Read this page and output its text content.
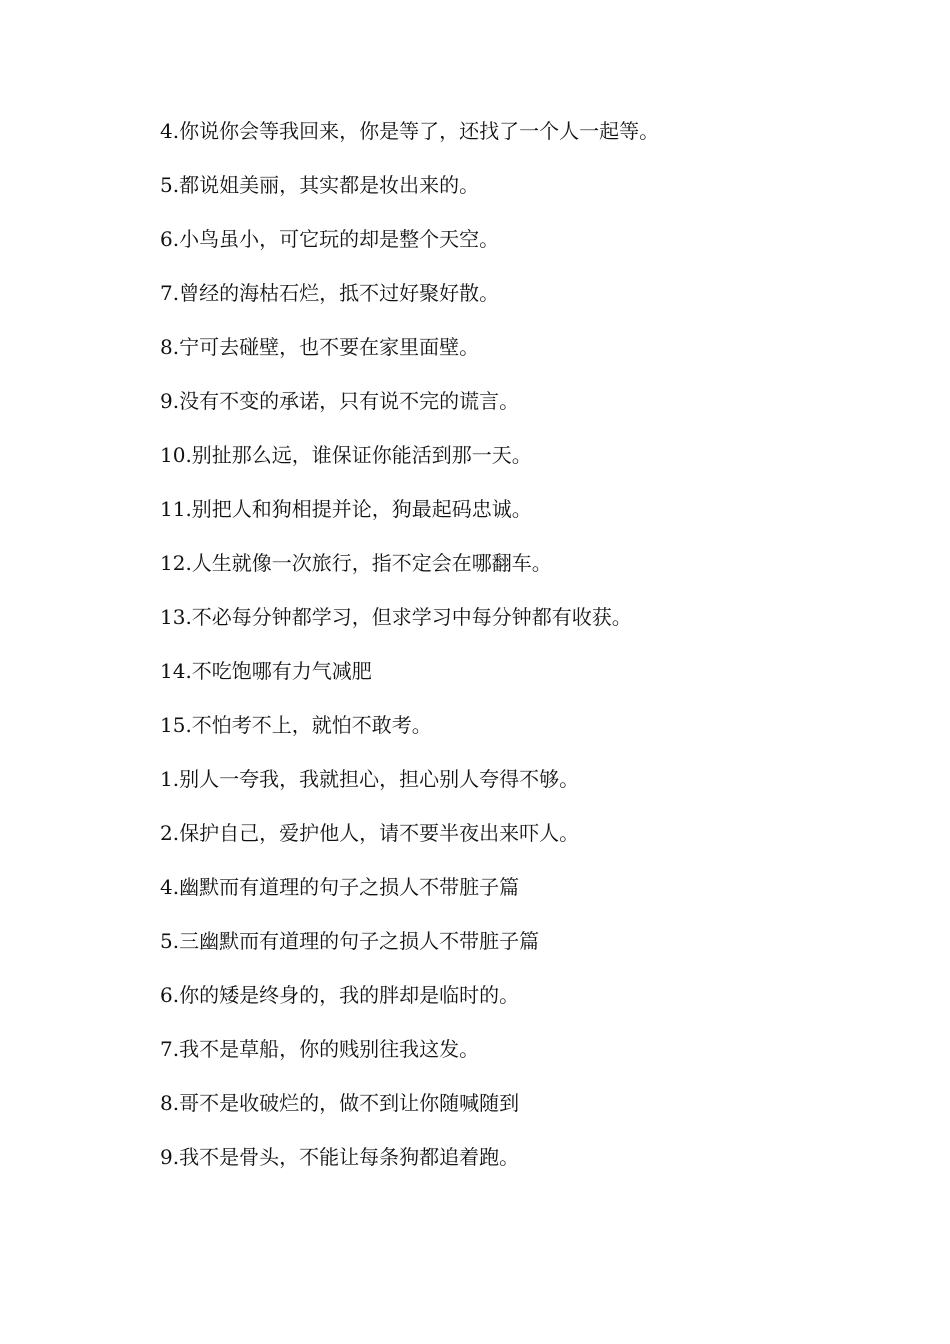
4.你说你会等我回来，你是等了，还找了一个人一起等。

5.都说姐美丽，其实都是妆出来的。

6.小鸟虽小，可它玩的却是整个天空。

7.曾经的海枯石烂，抵不过好聚好散。

8.宁可去碰壁，也不要在家里面壁。

9.没有不变的承诺，只有说不完的谎言。

10.别扯那么远，谁保证你能活到那一天。

11.别把人和狗相提并论，狗最起码忠诚。

12.人生就像一次旅行，指不定会在哪翻车。

13.不必每分钟都学习，但求学习中每分钟都有收获。

14.不吃饱哪有力气减肥

15.不怕考不上，就怕不敢考。

1.别人一夸我，我就担心，担心别人夸得不够。

2.保护自己，爱护他人，请不要半夜出来吓人。

4.幽默而有道理的句子之损人不带脏子篇

5.三幽默而有道理的句子之损人不带脏子篇

6.你的矮是终身的，我的胖却是临时的。

7.我不是草船，你的贱别往我这发。

8.哥不是收破烂的，做不到让你随喊随到

9.我不是骨头，不能让每条狗都追着跑。
